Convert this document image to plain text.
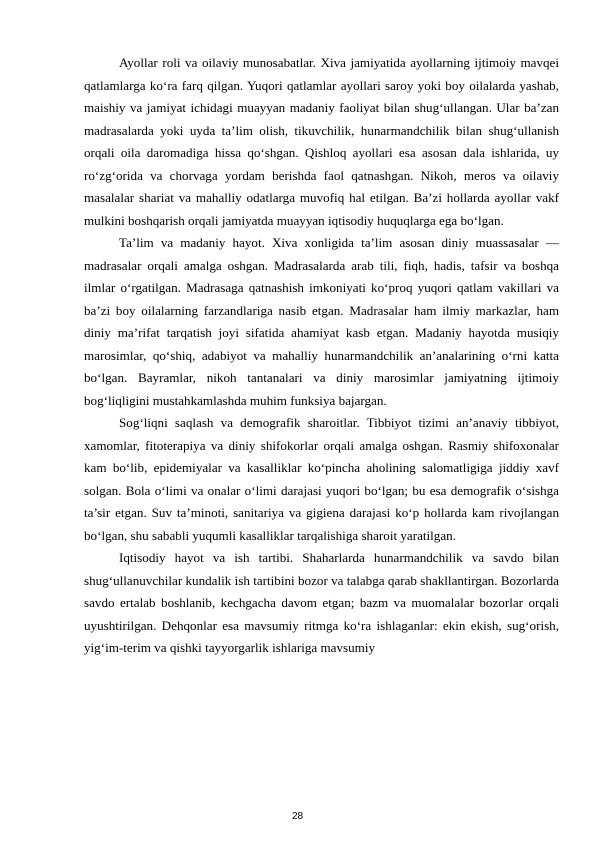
Ayollar roli va oilaviy munosabatlar. Xiva jamiyatida ayollarning ijtimoiy mavqei qatlamlarga ko‘ra farq qilgan. Yuqori qatlamlar ayollari saroy yoki boy oilalarda yashab, maishiy va jamiyat ichidagi muayyan madaniy faoliyat bilan shug‘ullangan. Ular ba’zan madrasalarda yoki uyda ta’lim olish, tikuvchilik, hunarmandchilik bilan shug‘ullanish orqali oila daromadiga hissa qo‘shgan. Qishloq ayollari esa asosan dala ishlarida, uy ro‘zg‘orida va chorvaga yordam berishda faol qatnashgan. Nikoh, meros va oilaviy masalalar shariat va mahalliy odatlarga muvofiq hal etilgan. Ba’zi hollarda ayollar vakf mulkini boshqarish orqali jamiyatda muayyan iqtisodiy huquqlarga ega bo‘lgan.

Ta’lim va madaniy hayot. Xiva xonligida ta’lim asosan diniy muassasalar — madrasalar orqali amalga oshgan. Madrasalarda arab tili, fiqh, hadis, tafsir va boshqa ilmlar o‘rgatilgan. Madrasaga qatnashish imkoniyati ko‘proq yuqori qatlam vakillari va ba’zi boy oilalarning farzandlariga nasib etgan. Madrasalar ham ilmiy markazlar, ham diniy ma’rifat tarqatish joyi sifatida ahamiyat kasb etgan. Madaniy hayotda musiqiy marosimlar, qo‘shiq, adabiyot va mahalliy hunarmandchilik an’analarining o‘rni katta bo‘lgan. Bayramlar, nikoh tantanalari va diniy marosimlar jamiyatning ijtimoiy bog‘liqligini mustahkamlashda muhim funksiya bajargan.

Sog‘liqni saqlash va demografik sharoitlar. Tibbiyot tizimi an’anaviy tibbiyot, xamomlar, fitoterapiya va diniy shifokorlar orqali amalga oshgan. Rasmiy shifoxonalar kam bo‘lib, epidemiyalar va kasalliklar ko‘pincha aholining salomatligiga jiddiy xavf solgan. Bola o‘limi va onalar o‘limi darajasi yuqori bo‘lgan; bu esa demografik o‘sishga ta’sir etgan. Suv ta’minoti, sanitariya va gigiena darajasi ko‘p hollarda kam rivojlangan bo‘lgan, shu sababli yuqumli kasalliklar tarqalishiga sharoit yaratilgan.

Iqtisodiy hayot va ish tartibi. Shaharlarda hunarmandchilik va savdo bilan shug‘ullanuvchilar kundalik ish tartibini bozor va talabga qarab shakllantirgan. Bozorlarda savdo ertalab boshlanib, kechgacha davom etgan; bazm va muomalalar bozorlar orqali uyushtirilgan. Dehqonlar esa mavsumiy ritmga ko‘ra ishlaganlar: ekin ekish, sug‘orish, yig‘im-terim va qishki tayyorgarlik ishlariga mavsumiy

28
